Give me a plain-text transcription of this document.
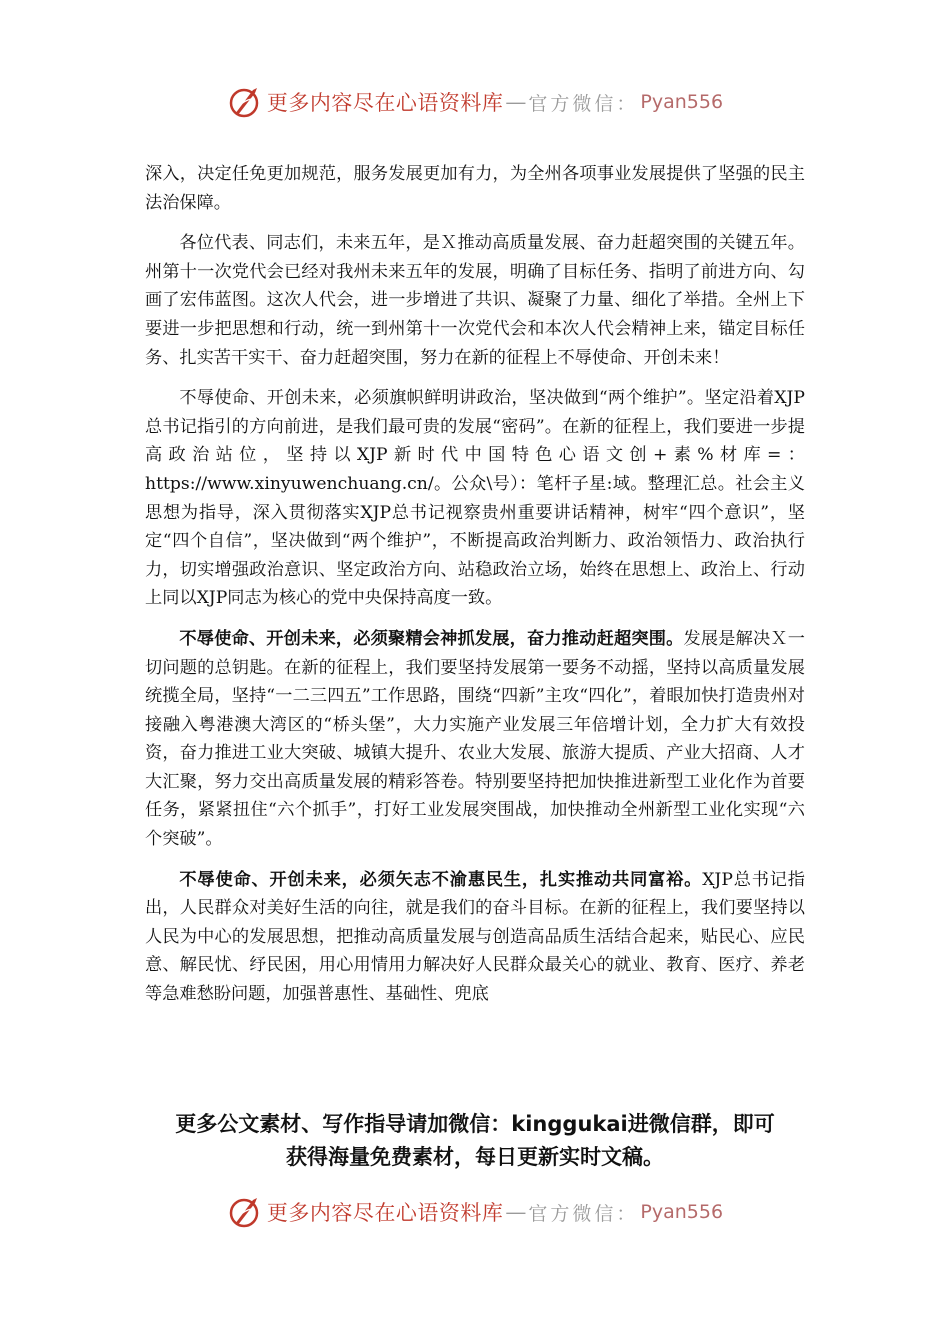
更多内容尽在心语资料库 — 官方微信： Pyan556

深入，决定任免更加规范，服务发展更加有力，为全州各项事业发展提供了坚强的民主法治保障。

各位代表、同志们，未来五年，是Ｘ推动高质量发展、奋力赶超突围的关键五年。州第十一次党代会已经对我州未来五年的发展，明确了目标任务、指明了前进方向、勾画了宏伟蓝图。这次人代会，进一步增进了共识、凝聚了力量、细化了举措。全州上下要进一步把思想和行动，统一到州第十一次党代会和本次人代会精神上来，锚定目标任务、扎实苦干实干、奋力赶超突围，努力在新的征程上不辱使命、开创未来！

不辱使命、开创未来，必须旗帜鲜明讲政治，坚决做到“两个维护”。坚定沿着XJP总书记指引的方向前进，是我们最可贵的发展“密码”。在新的征程上，我们要进一步提高政治站位，坚持以XJP新时代中国特色心语文创+素%材库=：https://www.xinyuwenchuang.cn/。公众\号）：笔杆子星:域。整理汇总。社会主义思想为指导，深入贯彻落实XJP总书记视察贵州重要讲话精神，树牢“四个意识”，坚定“四个自信”，坚决做到“两个维护”，不断提高政治判断力、政治领悟力、政治执行力，切实增强政治意识、坚定政治方向、站稳政治立场，始终在思想上、政治上、行动上同以XJP同志为核心的党中央保持高度一致。

不辱使命、开创未来，必须聚精会神抓发展，奋力推动赶超突围。发展是解决Ｘ一切问题的总钥匙。在新的征程上，我们要坚持发展第一要务不动摇，坚持以高质量发展统揽全局，坚持“一二三四五”工作思路，围绕“四新”主攻“四化”，着眼加快打造贵州对接融入粤港澳大湾区的“桥头堡”，大力实施产业发展三年倍增计划，全力扩大有效投资，奋力推进工业大突破、城镇大提升、农业大发展、旅游大提质、产业大招商、人才大汇聚，努力交出高质量发展的精彩答卷。特别要坚持把加快推进新型工业化作为首要任务，紧紧扭住“六个抓手”，打好工业发展突围战，加快推动全州新型工业化实现“六个突破”。

不辱使命、开创未来，必须矢志不渝惠民生，扎实推动共同富裕。XJP总书记指出，人民群众对美好生活的向往，就是我们的奋斗目标。在新的征程上，我们要坚持以人民为中心的发展思想，把推动高质量发展与创造高品质生活结合起来，贴民心、应民意、解民忧、纾民困，用心用情用力解决好人民群众最关心的就业、教育、医疗、养老等急难愁盼问题，加强普惠性、基础性、兜底

更多公文素材、写作指导请加微信：kinggukai进微信群，即可
获得海量免费素材，每日更新实时文稿。
更多内容尽在心语资料库 — 官方微信： Pyan556
